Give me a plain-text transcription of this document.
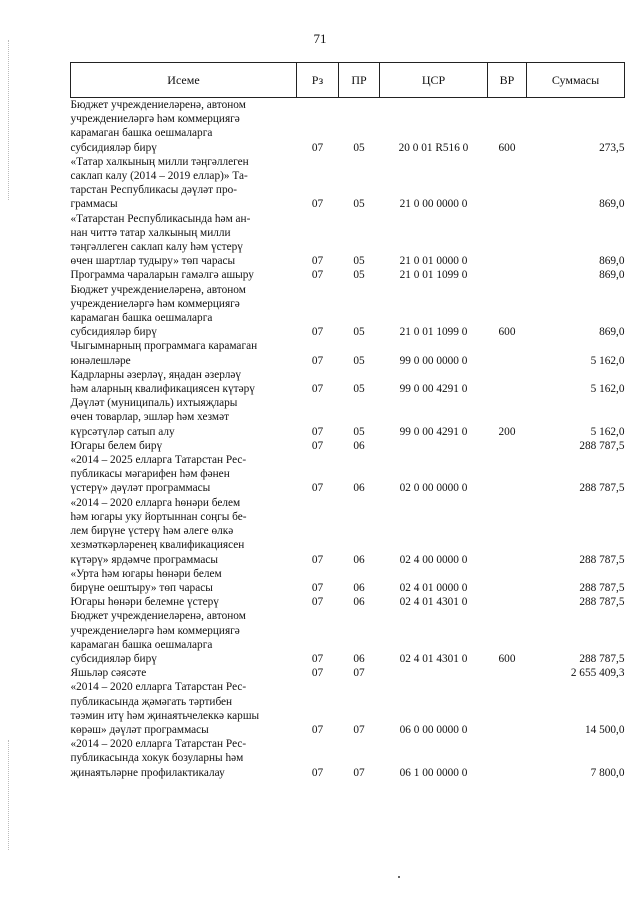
71
Исеме	Рз	ПР	ЦСР	ВР	Суммасы
Бюджет учреждениеләренә, автоном
учреждениеләргә һәм коммерциягә
карамаган башка оешмаларга
субсидияләр бирү	07	05	20 0 01 R516 0	600	273,5
«Татар халкының милли тәңгәллеген
саклап калу (2014 – 2019 еллар)» Та-
тарстан Республикасы дәүләт про-
граммасы	07	05	21 0 00 0000 0		869,0
«Татарстан Республикасында һәм ан-
нан читтә татар халкының милли
тәңгәллеген саклап калу һәм үстерү
өчен шартлар тудыру» төп чарасы	07	05	21 0 01 0000 0		869,0
Программа чараларын гамәлгә ашыру	07	05	21 0 01 1099 0		869,0
Бюджет учреждениеләренә, автоном
учреждениеләргә һәм коммерциягә
карамаган башка оешмаларга
субсидияләр бирү	07	05	21 0 01 1099 0	600	869,0
Чыгымнарның программага карамаган
юнәлешләре	07	05	99 0 00 0000 0		5 162,0
Кадрларны әзерләү, яңадан әзерләү
һәм аларның квалификациясен күтәрү	07	05	99 0 00 4291 0		5 162,0
Дәүләт (муниципаль) ихтыяҗлары
өчен товарлар, эшләр һәм хезмәт
күрсәтүләр сатып алу	07	05	99 0 00 4291 0	200	5 162,0
Югары белем бирү	07	06			288 787,5
«2014 – 2025 елларга Татарстан Рес-
публикасы мәгарифен һәм фәнен
үстерү» дәүләт программасы	07	06	02 0 00 0000 0		288 787,5
«2014 – 2020 елларга һөнәри белем
һәм югары уку йортыннан соңгы бе-
лем бирүне үстерү һәм әлеге өлкә
хезмәткәрләренең квалификациясен
күтәрү» ярдәмче программасы	07	06	02 4 00 0000 0		288 787,5
«Урта һәм югары һөнәри белем
бирүне оештыру» төп чарасы	07	06	02 4 01 0000 0		288 787,5
Югары һөнәри белемне үстерү	07	06	02 4 01 4301 0		288 787,5
Бюджет учреждениеләренә, автоном
учреждениеләргә һәм коммерциягә
карамаган башка оешмаларга
субсидияләр бирү	07	06	02 4 01 4301 0	600	288 787,5
Яшьләр сәясәте	07	07			2 655 409,3
«2014 – 2020 елларга Татарстан Рес-
публикасында җәмәгать тәртибен
тәэмин итү һәм җинаятьчелеккә каршы
көрәш» дәүләт программасы	07	07	06 0 00 0000 0		14 500,0
«2014 – 2020 елларга Татарстан Рес-
публикасында хокук бозуларны һәм
җинаятьләрне профилактикалау	07	07	06 1 00 0000 0		7 800,0
